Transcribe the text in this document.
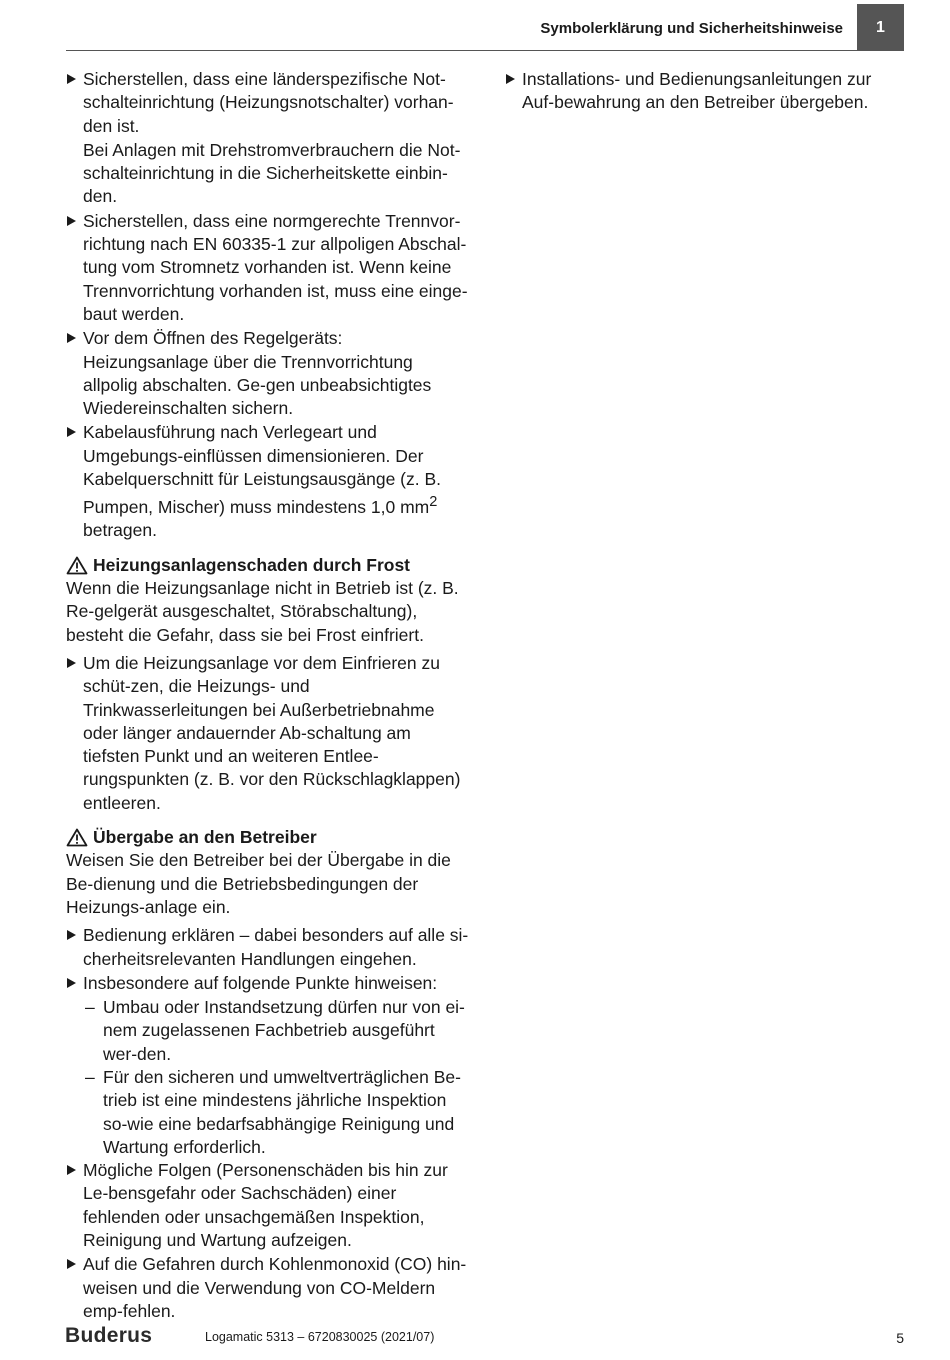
Symbolerklärung und Sicherheitshinweise	1
Sicherstellen, dass eine länderspezifische Not-schalteinrichtung (Heizungsnotschalter) vorhan-den ist.
Bei Anlagen mit Drehstromverbrauchern die Not-schalteinrichtung in die Sicherheitskette einbin-den.
Sicherstellen, dass eine normgerechte Trennvor-richtung nach EN 60335-1 zur allpoligen Abschal-tung vom Stromnetz vorhanden ist. Wenn keine Trennvorrichtung vorhanden ist, muss eine einge-baut werden.
Vor dem Öffnen des Regelgeräts: Heizungsanlage über die Trennvorrichtung allpolig abschalten. Ge-gen unbeabsichtigtes Wiedereinschalten sichern.
Kabelausführung nach Verlegeart und Umgebungs-einflüssen dimensionieren. Der Kabelquerschnitt für Leistungsausgänge (z. B. Pumpen, Mischer) muss mindestens 1,0 $mm^2$ betragen.
Heizungsanlagenschaden durch Frost
Wenn die Heizungsanlage nicht in Betrieb ist (z. B. Re-gelgerät ausgeschaltet, Störabschaltung), besteht die Gefahr, dass sie bei Frost einfriert.
Um die Heizungsanlage vor dem Einfrieren zu schüt-zen, die Heizungs- und Trinkwasserleitungen bei Außerbetriebnahme oder länger andauernder Ab-schaltung am tiefsten Punkt und an weiteren Entlee-rungspunkten (z. B. vor den Rückschlagklappen) entleeren.
Übergabe an den Betreiber
Weisen Sie den Betreiber bei der Übergabe in die Be-dienung und die Betriebsbedingungen der Heizungs-anlage ein.
Bedienung erklären – dabei besonders auf alle si-cherheitsrelevanten Handlungen eingehen.
Insbesondere auf folgende Punkte hinweisen:
– Umbau oder Instandsetzung dürfen nur von ei-nem zugelassenen Fachbetrieb ausgeführt wer-den.
– Für den sicheren und umweltverträglichen Be-trieb ist eine mindestens jährliche Inspektion so-wie eine bedarfsabhängige Reinigung und Wartung erforderlich.
Mögliche Folgen (Personenschäden bis hin zur Le-bensgefahr oder Sachschäden) einer fehlenden oder unsachgemäßen Inspektion, Reinigung und Wartung aufzeigen.
Auf die Gefahren durch Kohlenmonoxid (CO) hin-weisen und die Verwendung von CO-Meldern emp-fehlen.
Installations- und Bedienungsanleitungen zur Auf-bewahrung an den Betreiber übergeben.
Buderus	Logamatic 5313 – 6720830025 (2021/07)	5
